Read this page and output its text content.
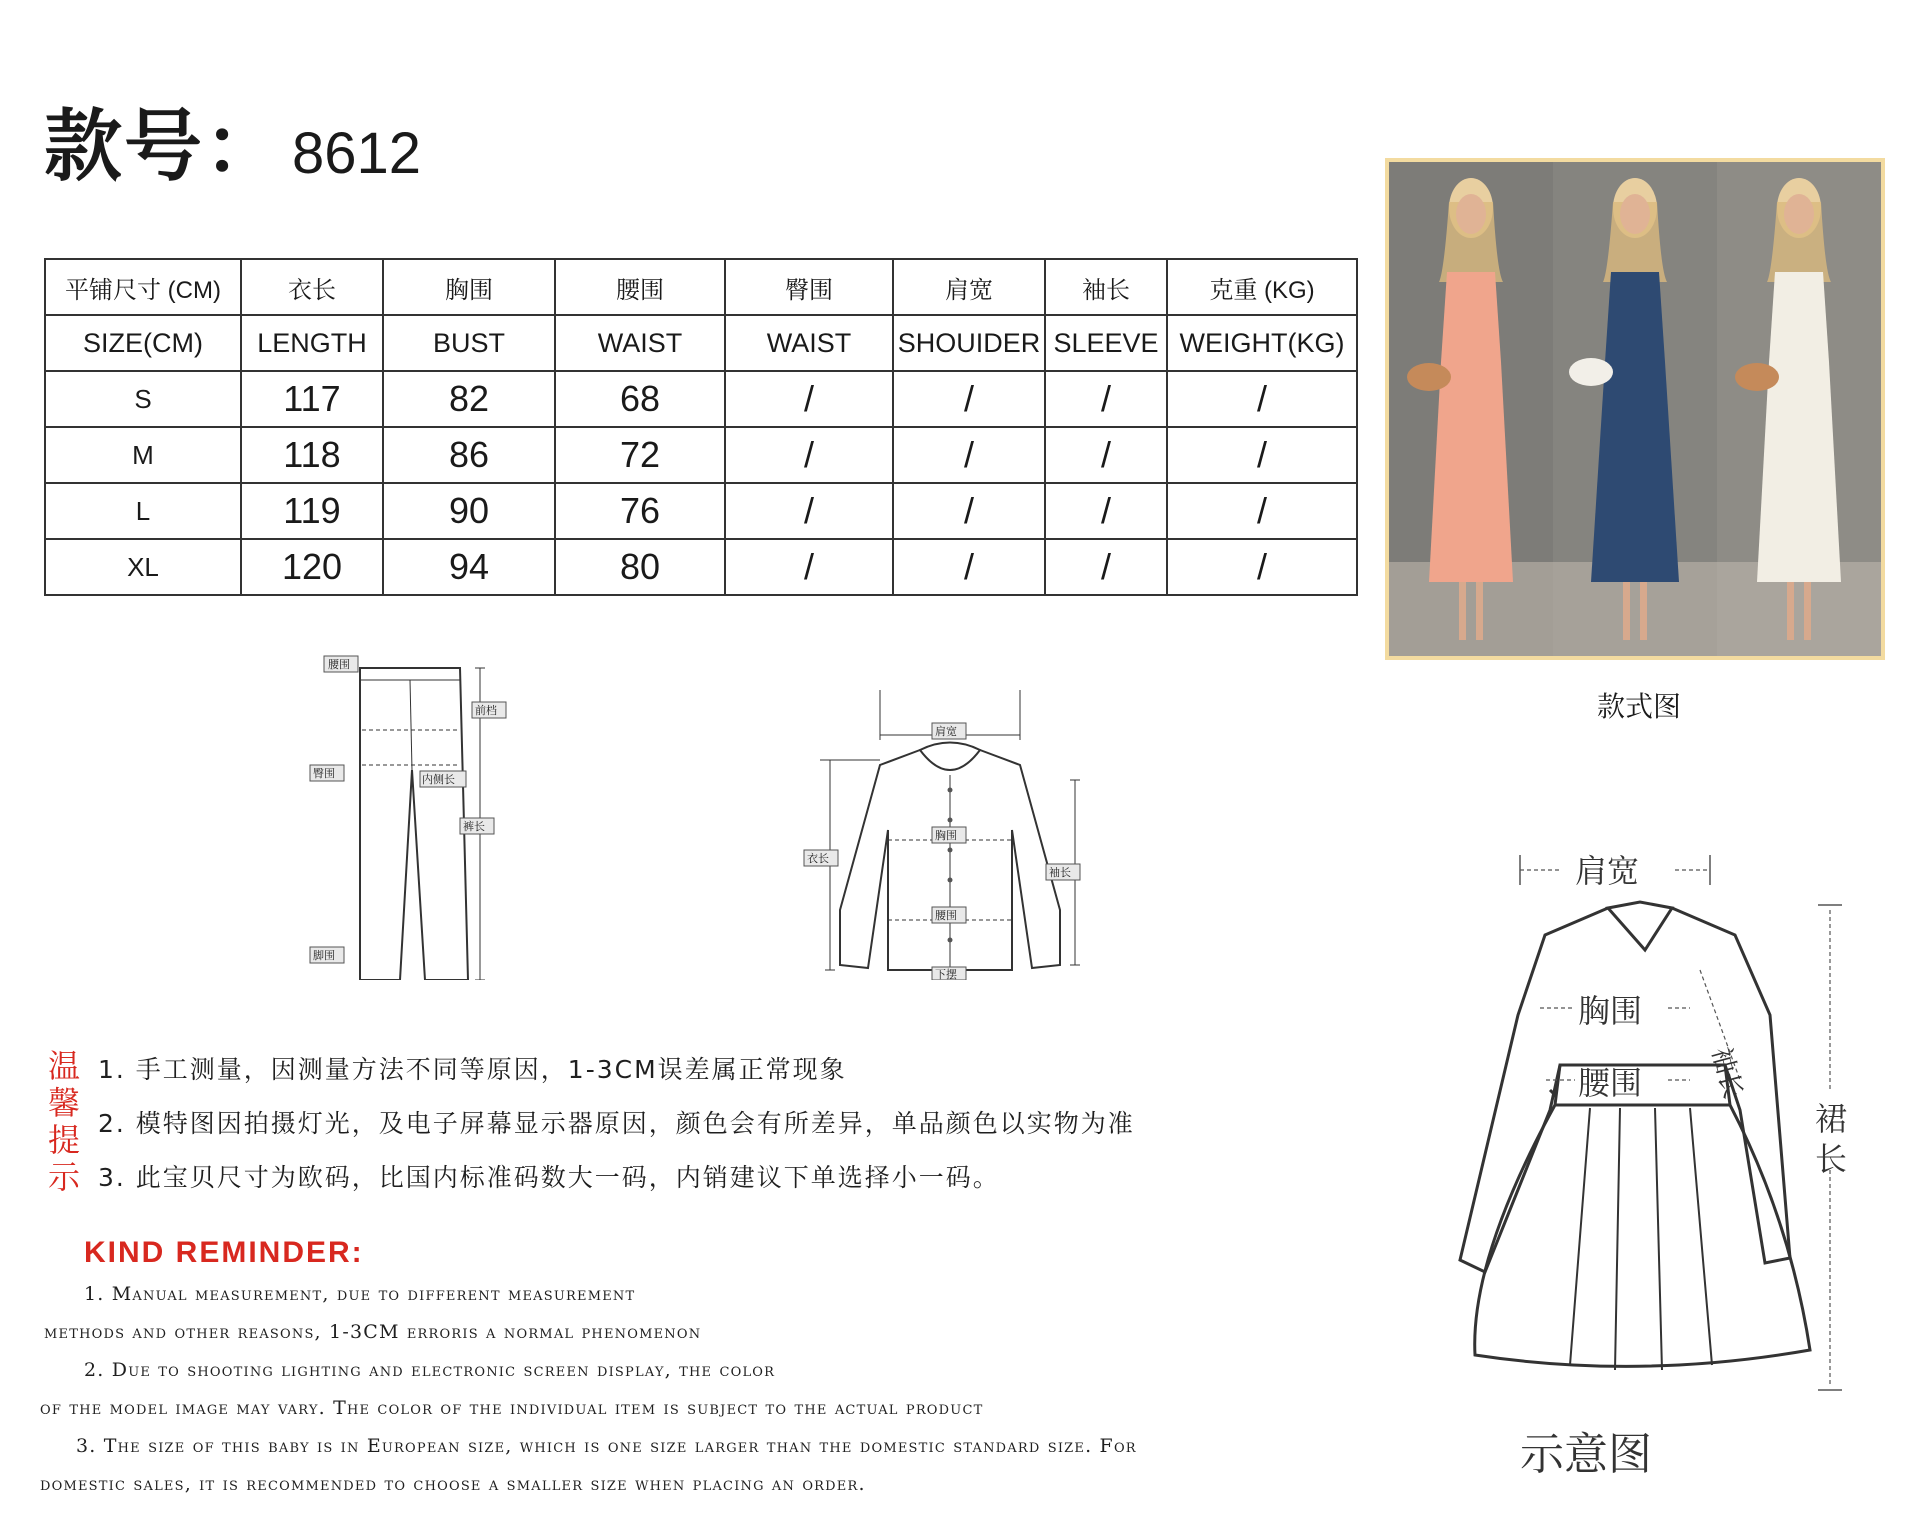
款号： 8612
平铺尺寸 (CM)	衣长	胸围	腰围	臀围	肩宽	袖长	克重 (KG)
SIZE(CM)	LENGTH	BUST	WAIST	WAIST	SHOUIDER	SLEEVE	WEIGHT(KG)
S	117	82	68	/	/	/	/
M	118	86	72	/	/	/	/
L	119	90	76	/	/	/	/
XL	120	94	80	/	/	/	/
款式图
腰围
前档
臀围	内侧长
裤长
脚围
肩宽
胸围
腰围
衣长
袖长
下摆
肩宽
胸围
腰围 袖长
裙
长
示意图
温
馨
提
示
1. 手工测量，因测量方法不同等原因，1-3CM误差属正常现象
2. 模特图因拍摄灯光，及电子屏幕显示器原因，颜色会有所差异，单品颜色以实物为准
3. 此宝贝尺寸为欧码，比国内标准码数大一码，内销建议下单选择小一码。
KIND REMINDER:
1. Manual measurement, due to different measurement
methods and other reasons, 1-3CM erroris a normal phenomenon
2. Due to shooting lighting and electronic screen display, the color
of the model image may vary. The color of the individual item is subject to the actual product
3. The size of this baby is in European size, which is one size larger than the domestic standard size. For
domestic sales, it is recommended to choose a smaller size when placing an order.
